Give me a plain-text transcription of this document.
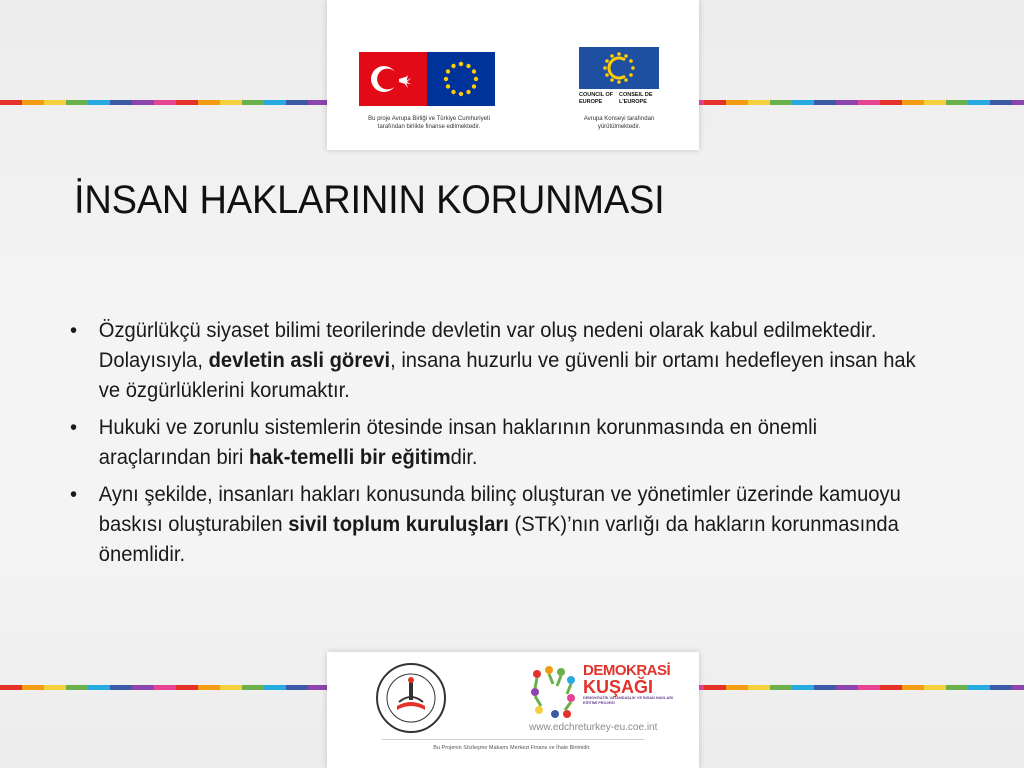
Bu proje Avrupa Birliği ve Türkiye Cumhuriyeti
tarafından birlikte finanse edilmektedir.
COUNCIL OF EUROPE
CONSEIL DE L'EUROPE
Avrupa Konseyi tarafından
yürütülmektedir.
İNSAN HAKLARININ KORUNMASI
• Özgürlükçü siyaset bilimi teorilerinde devletin var oluş nedeni olarak kabul edilmektedir. Dolayısıyla, devletin asli görevi, insana huzurlu ve güvenli bir ortamı hedefleyen insan hak ve özgürlüklerini korumaktır.
• Hukuki ve zorunlu sistemlerin ötesinde insan haklarının korunmasında en önemli araçlarından biri hak-temelli bir eğitimdir.
• Aynı şekilde, insanları hakları konusunda bilinç oluşturan ve yönetimler üzerinde kamuoyu baskısı oluşturabilen sivil toplum kuruluşları (STK)’nın varlığı da hakların korunmasında önemlidir.
DEMOKRASİ
KUŞAĞI
DEMOKRATİK VATANDAŞLIK VE İNSAN HAKLARI EĞİTİMİ PROJESİ
www.edchreturkey-eu.coe.int
Bu Projenin Sözleşme Makamı Merkezi Finans ve İhale Birimidir.
